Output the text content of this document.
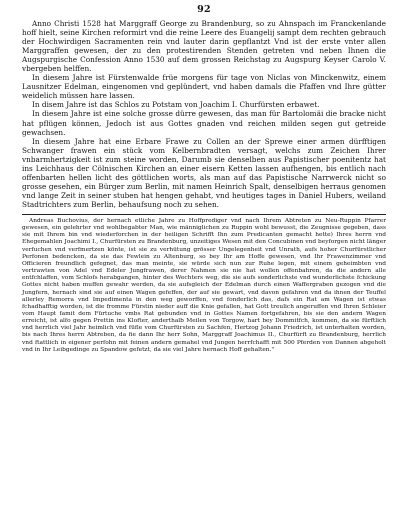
92

Anno Christi 1528 hat Marggraff George zu Brandenburg, so zu Ahnspach im Franckenlande hoff hielt, seine Kirchen reformirt vnd die reine Leere des Euangelij sampt dem rechten gebrauch der Hochwirdigen Sacramenten rein vnd lauter darin gepflantzt Vnd ist der erste vnter allen Marggraffen gewesen, der zu den protestirenden Stenden getreten vnd neben Ihnen die Augspurgische Confession Anno 1530 auf dem grossen Reichstag zu Augspurg Keyser Carolo V. vbergeben helffen.

In diesem Jahre ist Fürstenwalde früe morgens für tage von Niclas von Minckenwitz, einem Lausnitzer Edelman, eingenomen vnd geplündert, vnd haben damals die Pfaffen vnd Ihre gütter weidelich müssen hare lassen.

In disem Jahre ist das Schlos zu Potstam von Joachim I. Churfürsten erbawet.

In diesem Jahre ist eine solche grosse dürre gewesen, das man für Bartolomäi die bracke nicht hat pflügen können, Jedoch ist aus Gottes gnaden vnd reichen milden segen gut getreide gewachsen.

In diesem Jahre hat eine Erbare Frawe zu Collen an der Sprewe einer armen dürfftigen Schwanger frawen ein stück vom Kelbernbradten versagt, welchs zum Zeichen Ihrer vnbarmhertzigkeit ist zum steine worden, Darumb sie denselben aus Papistischer poenitentz hat ins Leichhaus der Cölnischen Kirchen an einer eisern Ketten lassen aufhengen, bis entlich nach offenbarten hellen licht des göttlichen worts, als man auf das Papistische Narrwerck nicht so grosse gesehen, ein Bürger zum Berlin, mit namen Heinrich Spalt, denselbigen herraus genomen vnd lange Zeit in seiner stuben hat hengen gehabt, vnd heutiges tages in Daniel Hubers, weiland Stadtrichters zum Berlin, behaufsung noch zu sehen.

Andreas Buchovius, der hernach etliche Jahre zu Hoffprediger vnd nach Ihrem Abtreten zu Neu-Ruppin Pfarrer gewesen, ein gelehrter vnd wohlbegabter Man, wie männiglichen zu Ruppin wohl bewusst, die Zeugnisse gegeben, dass sie mit Ihrem bin vnd wiederforchen in der heiligen Schrifft Ihn zum Predicanten gemacht hette) Ihres herrn vnd Ehegemahlen Joachimi I., Churfürsten zu Brandenburg, unzeitiges Wesen mit den Concubinen vnd beyforgen nicht länger verfuchen vnd verfmertzen könte, ist sie zu verhütung grösser Ungelegenheit vnd Unrath, aufs hoher Churfürstlicher Perfonen bedencken, da sie das Fewlein zu Altenburg, so bey Ihr am Hoffe gewesen, vnd Ihr Frawenzimmer vnd Officieren freundlich gefegnet, das man meinte, sie würde sich nun zur Ruhe legen, mit einem geheimbten vnd vertrawten von Adel vnd Edeler Jungfrawen, derer Nahmen sie nie hat wollen offenbahren, da die andern alle entfchlaffen, vom Schlofs herabgangen, hinter des Wechters weg, die sie aufs sonderlichste vnd wunderlichste fchickung Gottes nicht haben muffen gewahr werden, da sie aufsgleich der Edelman durch einen Waffergraben gezogen vnd die Jungfern, hernach sind sie auf einen Wagen gefeffen, der auf sie gewart, vnd davon gefahren vnd da ihnen der Teuffel allerley Remorra vnd Impedimenta in den weg geworffen, vnd fonderlich das, dafs ein Rat am Wagen ist etwas fchadhafftig worden, ist die fromme Fürstin nieder auff die Knie gefallen, hat Gott treulich angeruffen vnd Ihren Schleier vom Haupt famit dem Fürtuche vmbs Rat gebunden vnd in Gottes Namen fortgefahren, bis sie den andern Wagen erreicht, ist alfo gegen Prettin ins Klofter, anderthalb Meilen von Torgow, hart bey Dommitfch, kommen, da sie fürftlich vnd herrlich viel Jahr heimlich vnd füfle vom Churfürsten zu Sachfen, Hertzog Johann Friedrich, ist unterhalten worden, bis nach Ihres herrn Abtreben, da fie dann Ihr herr Sohn, Marggraff Joachimus II., Churfürft zu Brandenburg, herrlich vnd ftattlich in eigener perfohn mit feinen andern gemahel vnd Jungen herrfchafft mit 500 Pferden von Dannen abgeholt vnd in Ihr Leibgedinge zu Spandow gefetzt, da sie viel Jahre hernach Hoff gehalten."
